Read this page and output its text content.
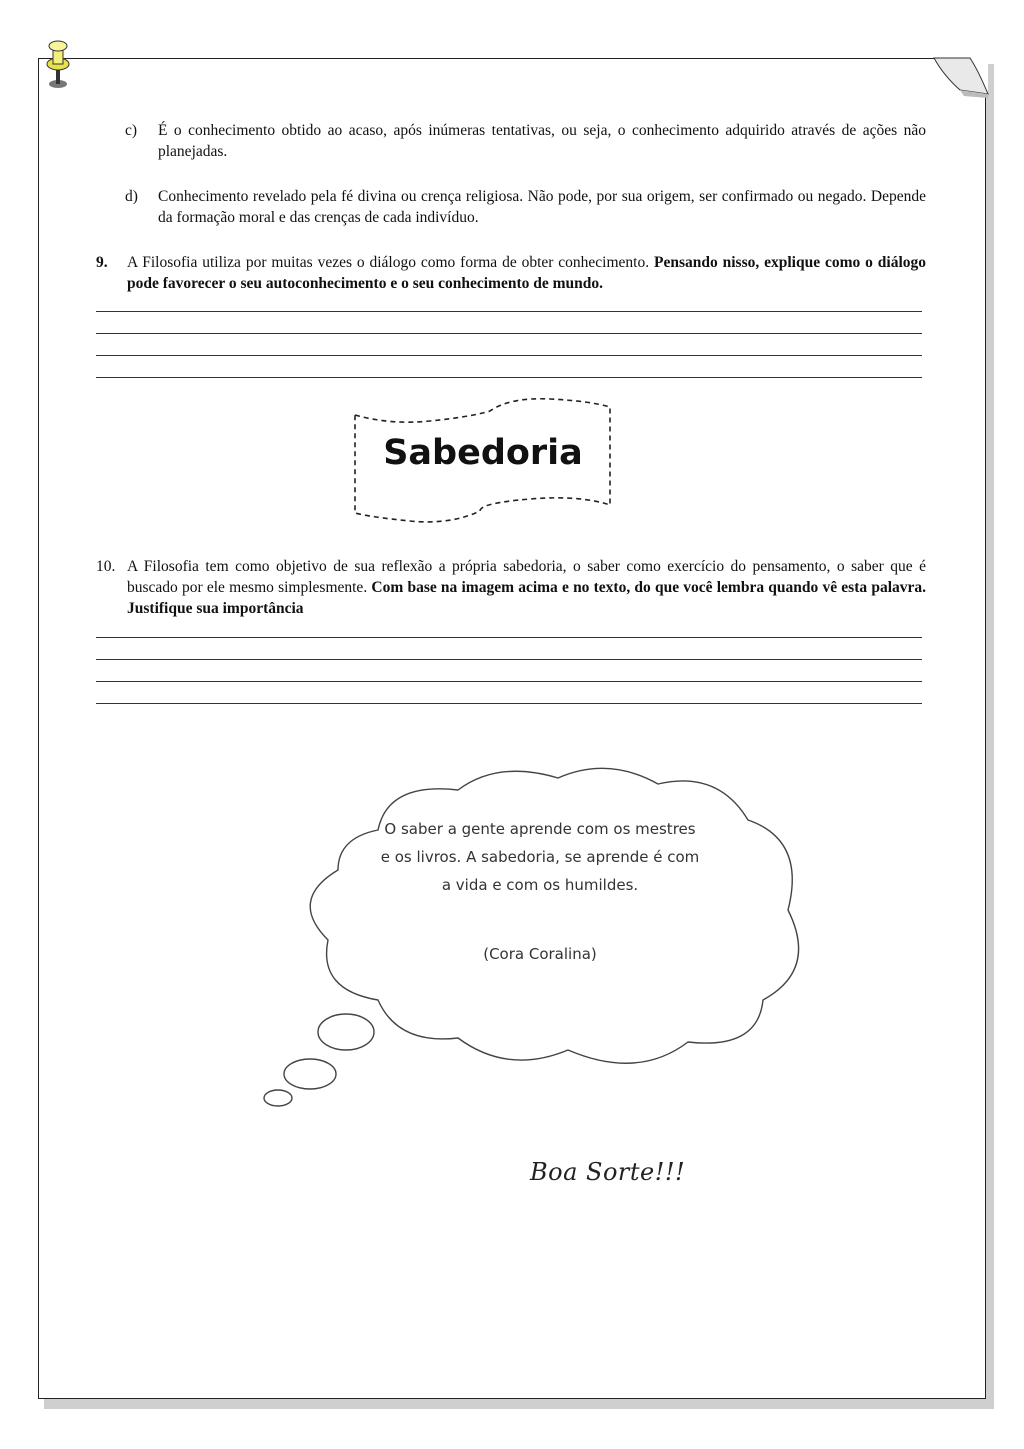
c) É o conhecimento obtido ao acaso, após inúmeras tentativas, ou seja, o conhecimento adquirido através de ações não planejadas.
d) Conhecimento revelado pela fé divina ou crença religiosa. Não pode, por sua origem, ser confirmado ou negado. Depende da formação moral e das crenças de cada indivíduo.
9. A Filosofia utiliza por muitas vezes o diálogo como forma de obter conhecimento. Pensando nisso, explique como o diálogo pode favorecer o seu autoconhecimento e o seu conhecimento de mundo.
Sabedoria
10. A Filosofia tem como objetivo de sua reflexão a própria sabedoria, o saber como exercício do pensamento, o saber que é buscado por ele mesmo simplesmente. Com base na imagem acima e no texto, do que você lembra quando vê esta palavra. Justifique sua importância
O saber a gente aprende com os mestres e os livros. A sabedoria, se aprende é com a vida e com os humildes.
(Cora Coralina)
Boa Sorte!!!
